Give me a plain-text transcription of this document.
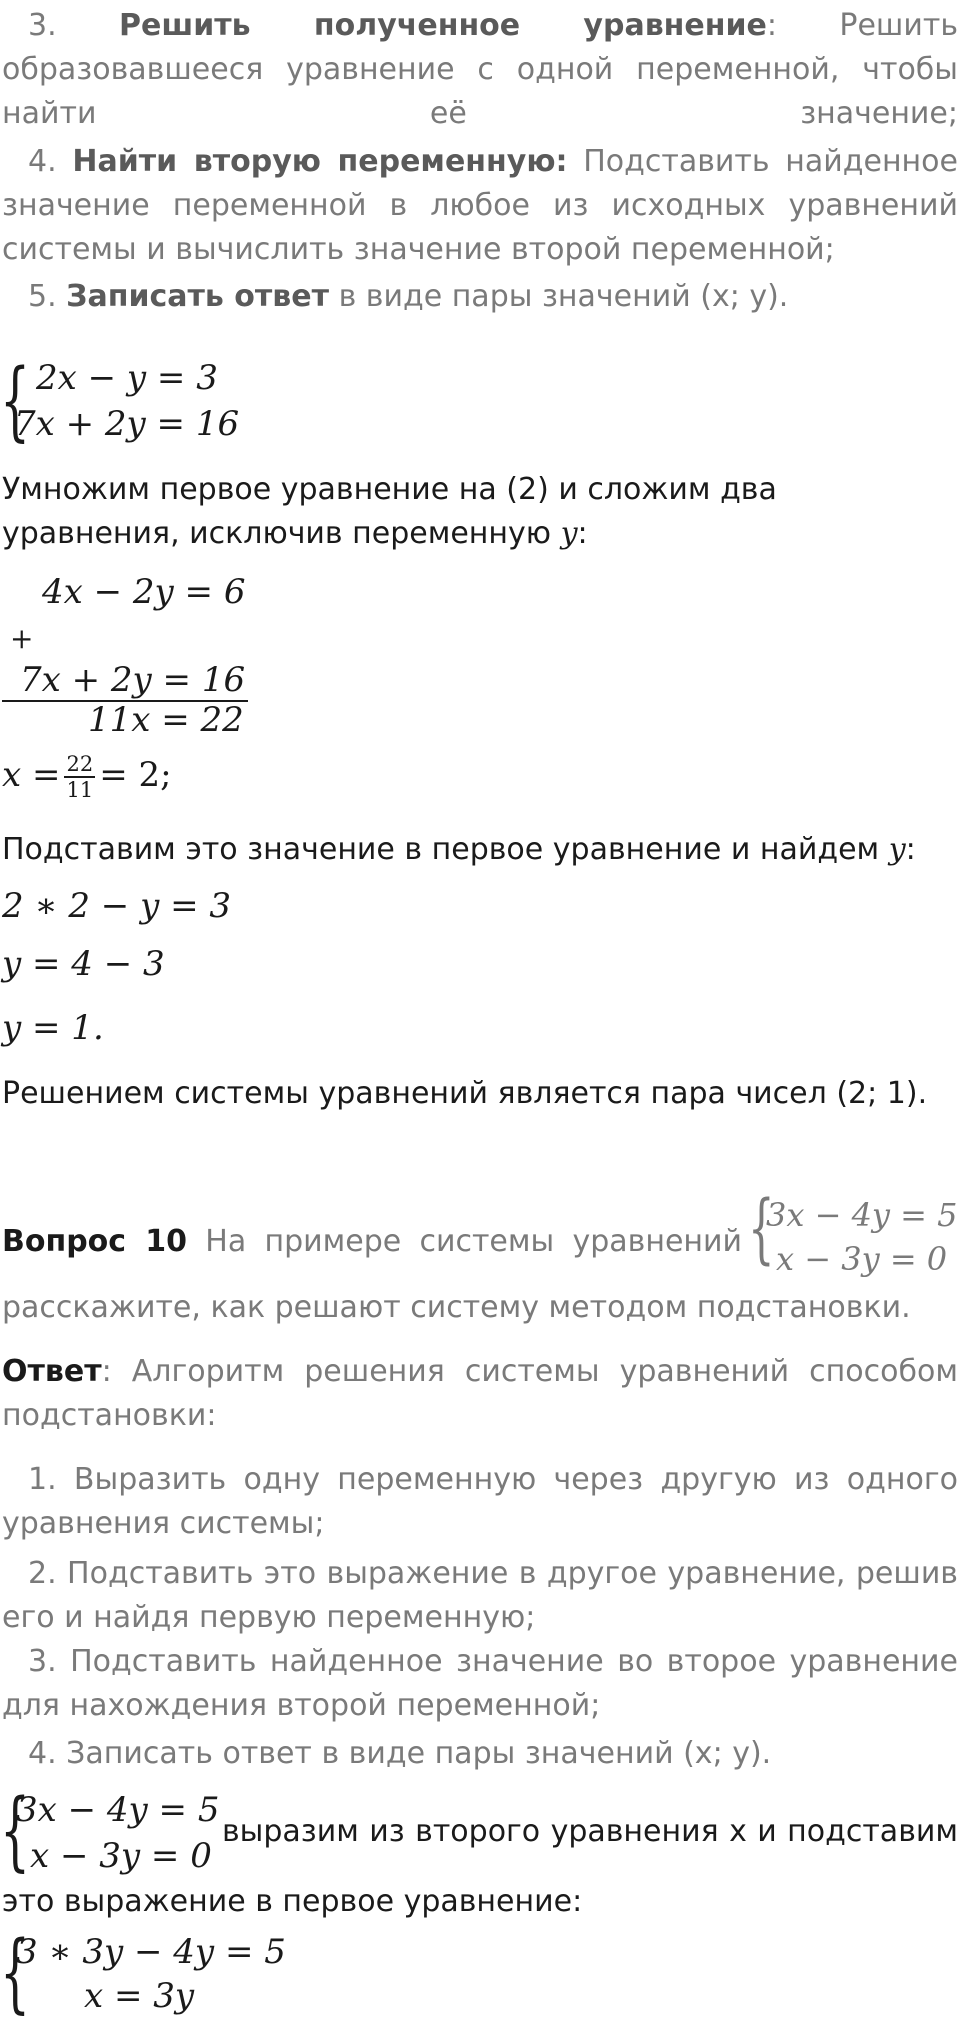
3. Решить полученное уравнение: Решить образовавшееся уравнение с одной переменной, чтобы найти её значение;
4. Найти вторую переменную: Подставить найденное значение переменной в любое из исходных уравнений системы и вычислить значение второй переменной;
5. Записать ответ в виде пары значений (x; y).
{ 2x − y = 3
7x + 2y = 16
Умножим первое уравнение на (2) и сложим два уравнения, исключив переменную y:
4x − 2y = 6
+
7x + 2y = 16
11x = 22
$x = \frac{22}{11} = 2$;
Подставим это значение в первое уравнение и найдем y:
2 ∗ 2 − y = 3
y = 4 − 3
y = 1.
Решением системы уравнений является пара чисел (2; 1).
Вопрос 10 На примере системы уравнений {
3x − 4y = 5
x − 3y = 0
расскажите, как решают систему методом подстановки.
Ответ: Алгоритм решения системы уравнений способом подстановки:
1. Выразить одну переменную через другую из одного уравнения системы;
2. Подставить это выражение в другое уравнение, решив его и найдя первую переменную;
3. Подставить найденное значение во второе уравнение для нахождения второй переменной;
4. Записать ответ в виде пары значений (x; y).
{
3x − 4y = 5
x − 3y = 0
выразим из второго уравнения x и подставим
это выражение в первое уравнение:
{
3 ∗ 3y − 4y = 5
x = 3y
